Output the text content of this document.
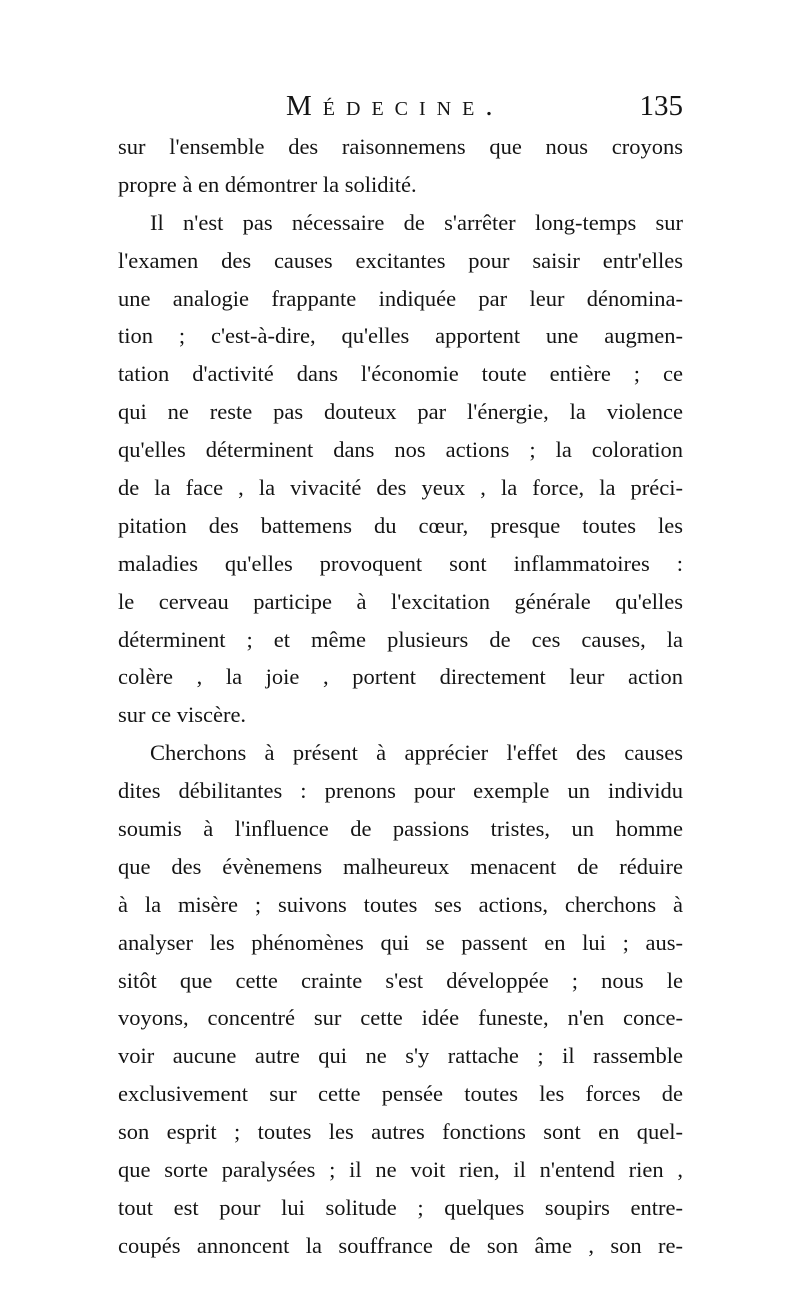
Médecine.	135
sur l'ensemble des raisonnemens que nous croyons
propre à en démontrer la solidité.
Il n'est pas nécessaire de s'arrêter long-temps sur
l'examen des causes excitantes pour saisir entr'elles
une analogie frappante indiquée par leur dénomina-
tion ; c'est-à-dire, qu'elles apportent une augmen-
tation d'activité dans l'économie toute entière ; ce
qui ne reste pas douteux par l'énergie, la violence
qu'elles déterminent dans nos actions ; la coloration
de la face , la vivacité des yeux , la force, la préci-
pitation des battemens du cœur, presque toutes les
maladies qu'elles provoquent sont inflammatoires :
le cerveau participe à l'excitation générale qu'elles
déterminent ; et même plusieurs de ces causes, la
colère , la joie , portent directement leur action
sur ce viscère.
Cherchons à présent à apprécier l'effet des causes
dites débilitantes : prenons pour exemple un individu
soumis à l'influence de passions tristes, un homme
que des évènemens malheureux menacent de réduire
à la misère ; suivons toutes ses actions, cherchons à
analyser les phénomènes qui se passent en lui ; aus-
sitôt que cette crainte s'est développée ; nous le
voyons, concentré sur cette idée funeste, n'en conce-
voir aucune autre qui ne s'y rattache ; il rassemble
exclusivement sur cette pensée toutes les forces de
son esprit ; toutes les autres fonctions sont en quel-
que sorte paralysées ; il ne voit rien, il n'entend rien ,
tout est pour lui solitude ; quelques soupirs entre-
coupés annoncent la souffrance de son âme , son re-
